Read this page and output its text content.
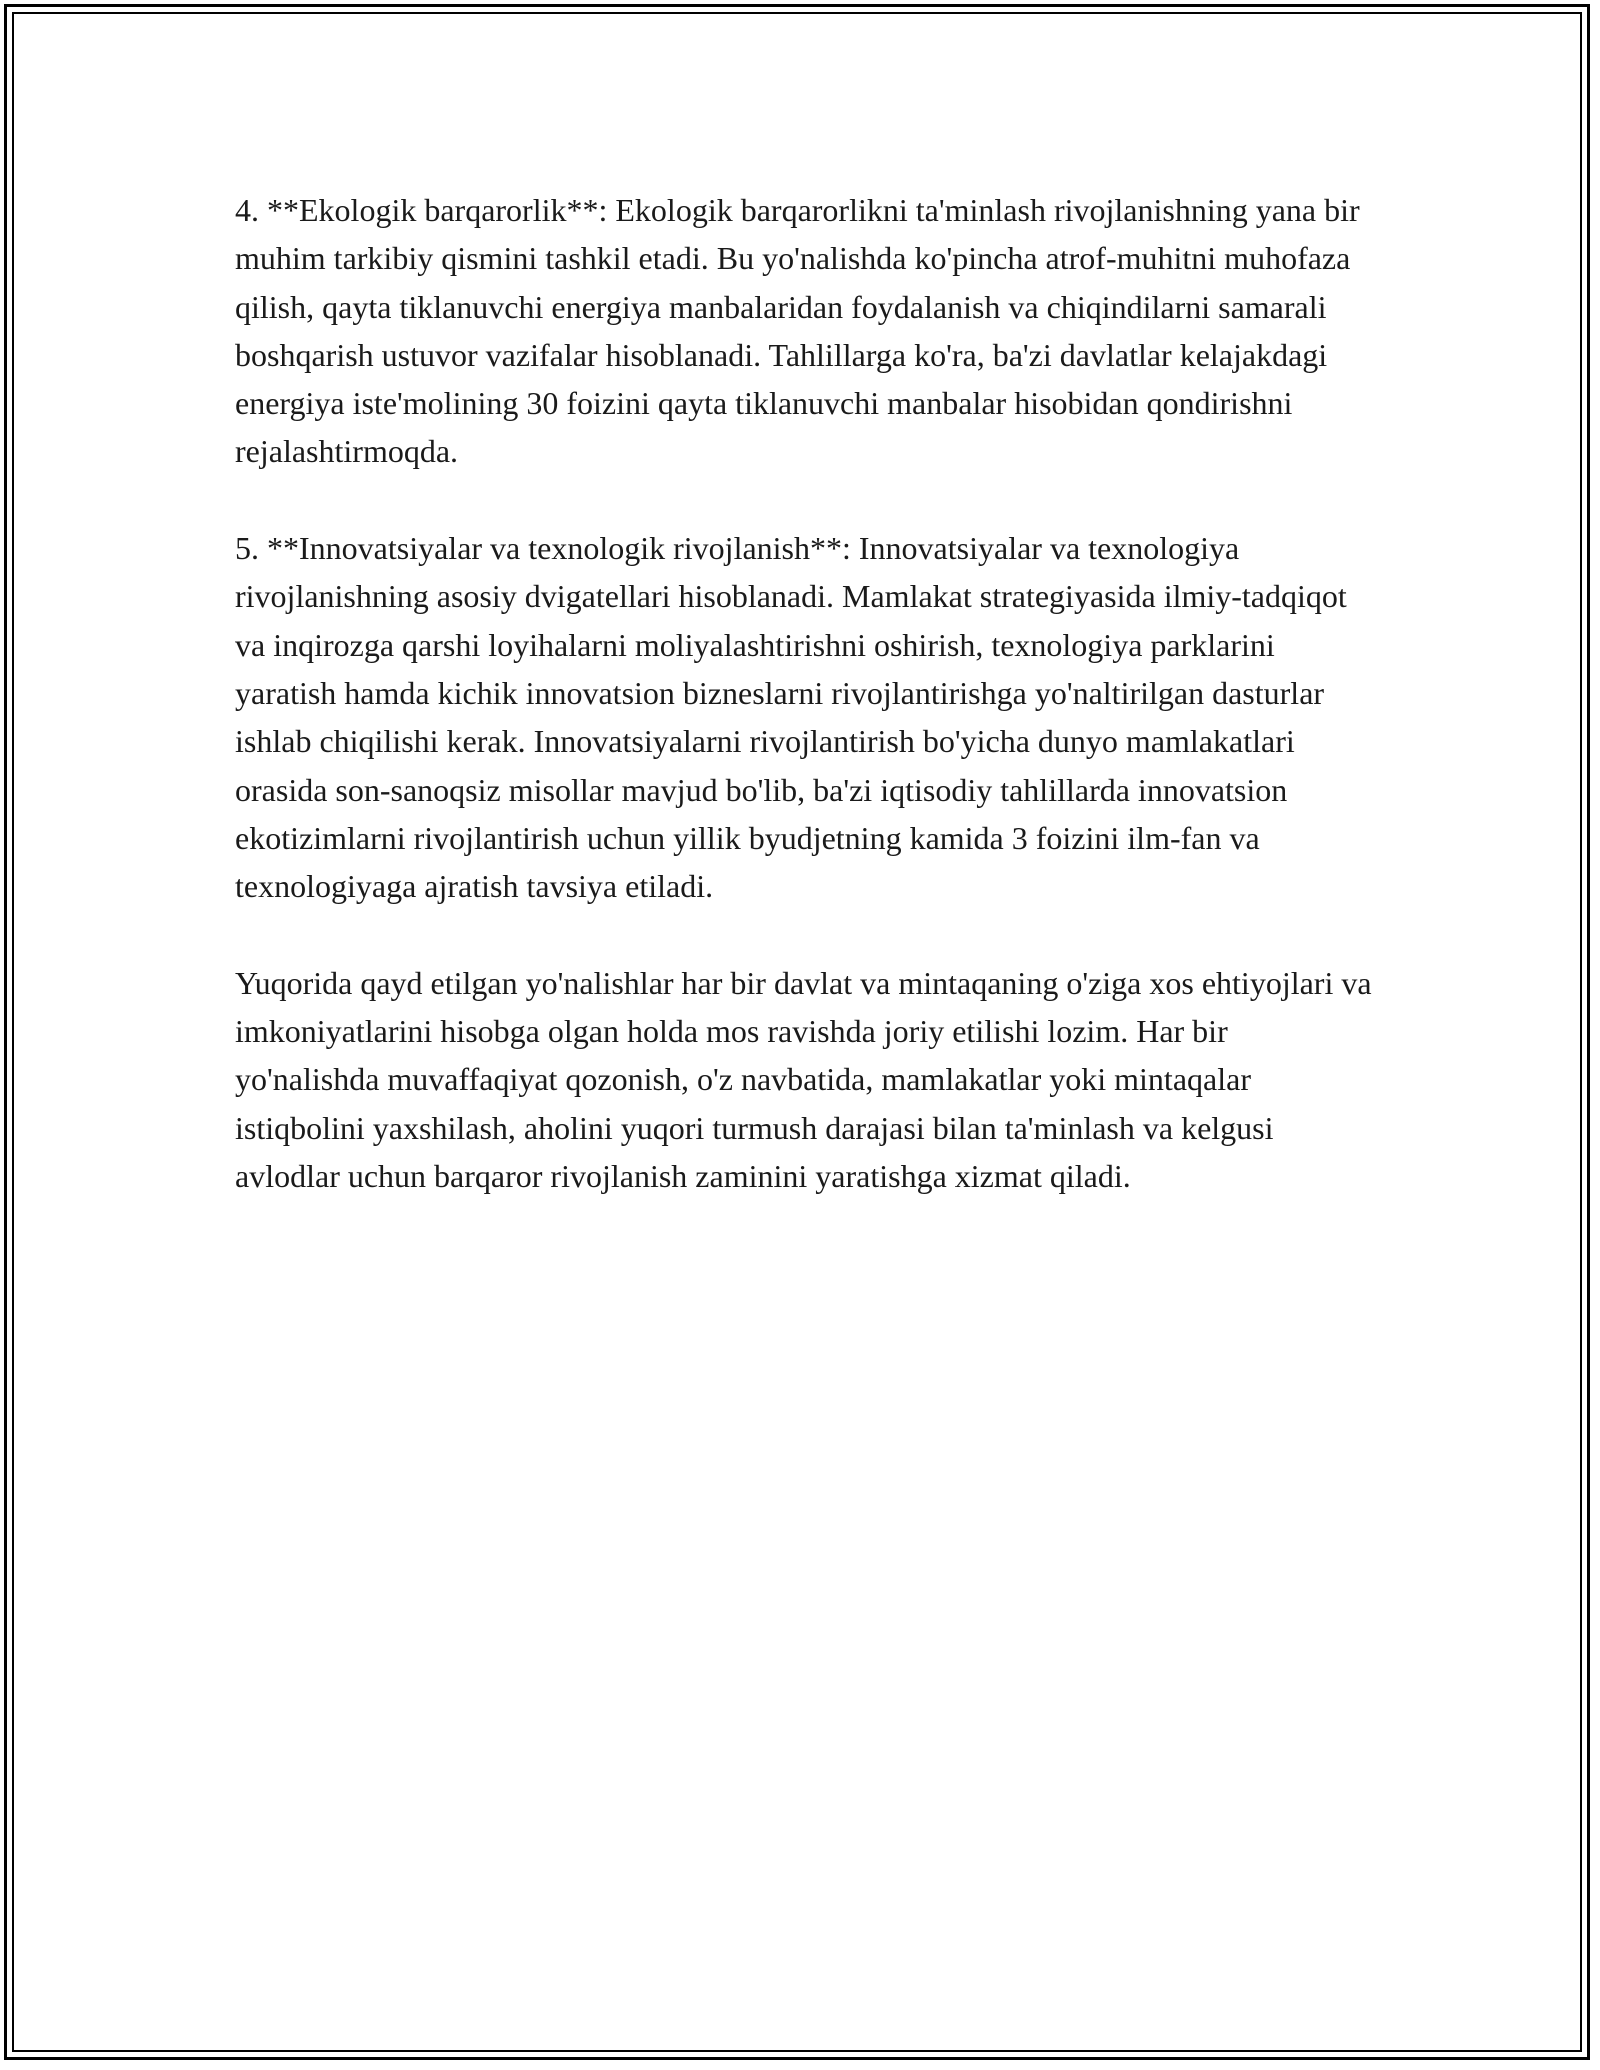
4. **Ekologik barqarorlik**: Ekologik barqarorlikni ta'minlash rivojlanishning yana bir muhim tarkibiy qismini tashkil etadi. Bu yo'nalishda ko'pincha atrof-muhitni muhofaza qilish, qayta tiklanuvchi energiya manbalaridan foydalanish va chiqindilarni samarali boshqarish ustuvor vazifalar hisoblanadi. Tahlillarga ko'ra, ba'zi davlatlar kelajakdagi energiya iste'molining 30 foizini qayta tiklanuvchi manbalar hisobidan qondirishni rejalashtirmoqda.

5. **Innovatsiyalar va texnologik rivojlanish**: Innovatsiyalar va texnologiya rivojlanishning asosiy dvigatellari hisoblanadi. Mamlakat strategiyasida ilmiy-tadqiqot va inqirozga qarshi loyihalarni moliyalashtirishni oshirish, texnologiya parklarini yaratish hamda kichik innovatsion bizneslarni rivojlantirishga yo'naltirilgan dasturlar ishlab chiqilishi kerak. Innovatsiyalarni rivojlantirish bo'yicha dunyo mamlakatlari orasida son-sanoqsiz misollar mavjud bo'lib, ba'zi iqtisodiy tahlillarda innovatsion ekotizimlarni rivojlantirish uchun yillik byudjetning kamida 3 foizini ilm-fan va texnologiyaga ajratish tavsiya etiladi.

Yuqorida qayd etilgan yo'nalishlar har bir davlat va mintaqaning o'ziga xos ehtiyojlari va imkoniyatlarini hisobga olgan holda mos ravishda joriy etilishi lozim. Har bir yo'nalishda muvaffaqiyat qozonish, o'z navbatida, mamlakatlar yoki mintaqalar istiqbolini yaxshilash, aholini yuqori turmush darajasi bilan ta'minlash va kelgusi avlodlar uchun barqaror rivojlanish zaminini yaratishga xizmat qiladi.
